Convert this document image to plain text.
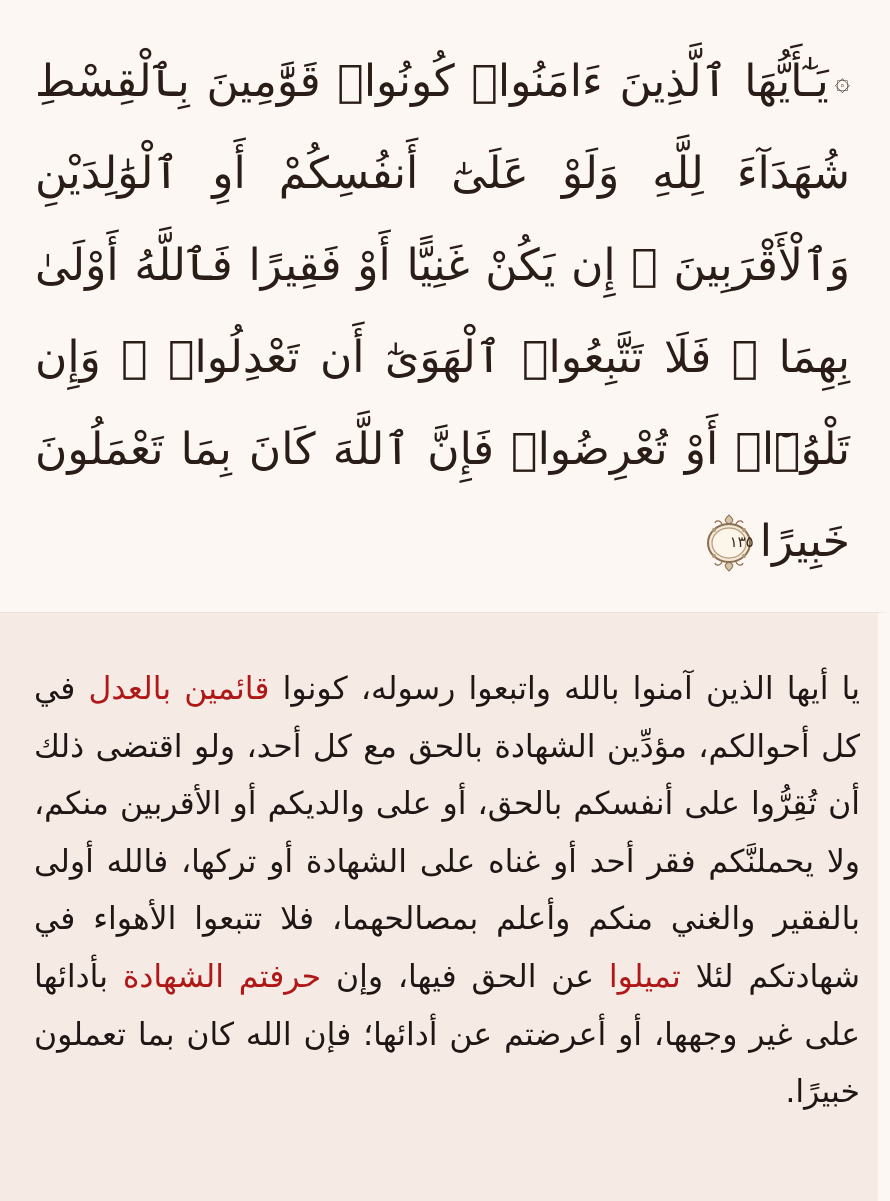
۞يَـٰٓأَيُّهَا ٱلَّذِينَ ءَامَنُوا۟ كُونُوا۟ قَوَّٰمِينَ بِٱلْقِسْطِ شُهَدَآءَ لِلَّهِ وَلَوْ عَلَىٰٓ أَنفُسِكُمْ أَوِ ٱلْوَٰلِدَيْنِ وَٱلْأَقْرَبِينَ ۚ إِن يَكُنْ غَنِيًّا أَوْ فَقِيرًا فَٱللَّهُ أَوْلَىٰ بِهِمَا ۖ فَلَا تَتَّبِعُوا۟ ٱلْهَوَىٰٓ أَن تَعْدِلُوا۟ ۚ وَإِن تَلْوُۥٓا۟ أَوْ تُعْرِضُوا۟ فَإِنَّ ٱللَّهَ كَانَ بِمَا تَعْمَلُونَ خَبِيرًا
١٣٥
يا أيها الذين آمنوا بالله واتبعوا رسوله، كونوا قائمين بالعدل في كل أحوالكم، مؤدِّين الشهادة بالحق مع كل أحد، ولو اقتضى ذلك أن تُقِرُّوا على أنفسكم بالحق، أو على والديكم أو الأقربين منكم، ولا يحملنَّكم فقر أحد أو غناه على الشهادة أو تركها، فالله أولى بالفقير والغني منكم وأعلم بمصالحهما، فلا تتبعوا الأهواء في شهادتكم لئلا تميلوا عن الحق فيها، وإن حرفتم الشهادة بأدائها على غير وجهها، أو أعرضتم عن أدائها؛ فإن الله كان بما تعملون خبيرًا.
